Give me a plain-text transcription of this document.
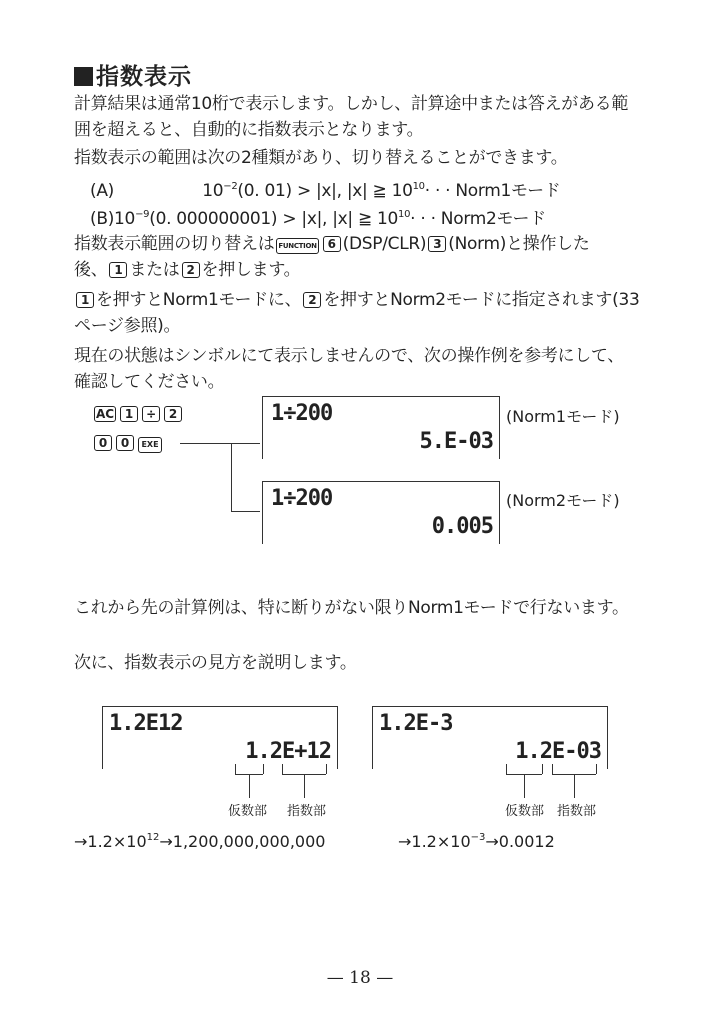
指数表示
計算結果は通常10桁で表示します。しかし、計算途中または答えがある範
囲を超えると、自動的に指数表示となります。
指数表示の範囲は次の2種類があり、切り替えることができます。
(A)	$10^{-2}(0$. 01) > |x|, |x| ≧ $10^{10}\cdot$ · · Norm1モード
$(B)10^{-9}(0$. 000000001) > |x|, |x| ≧ $10^{10}\cdot$ · · Norm2モード
指数表示範囲の切り替えは FUNCTION 6 (DSP/CLR) 3 (Norm)と操作した
後、 1 または 2 を押します。
1 を押すとNorm1モードに、 2 を押すとNorm2モードに指定されます(33
ページ参照)。
現在の状態はシンボルにて表示しませんので、次の操作例を参考にして、
確認してください。
AC 1 ÷ 2
0 0 EXE
1÷200
5.E-03
(Norm1モード)
1÷200
0.005
(Norm2モード)
これから先の計算例は、特に断りがない限りNorm1モードで行ないます。
次に、指数表示の見方を説明します。
1.2E12
1.2E+12
仮数部 指数部
$\to 1.2\times 10^{12}\to 1,200,000,000,000$
1.2E-3
1.2E-03
仮数部 指数部
$\to 1.2\times 10^{-3}\to 0.0012$
— 18 —
